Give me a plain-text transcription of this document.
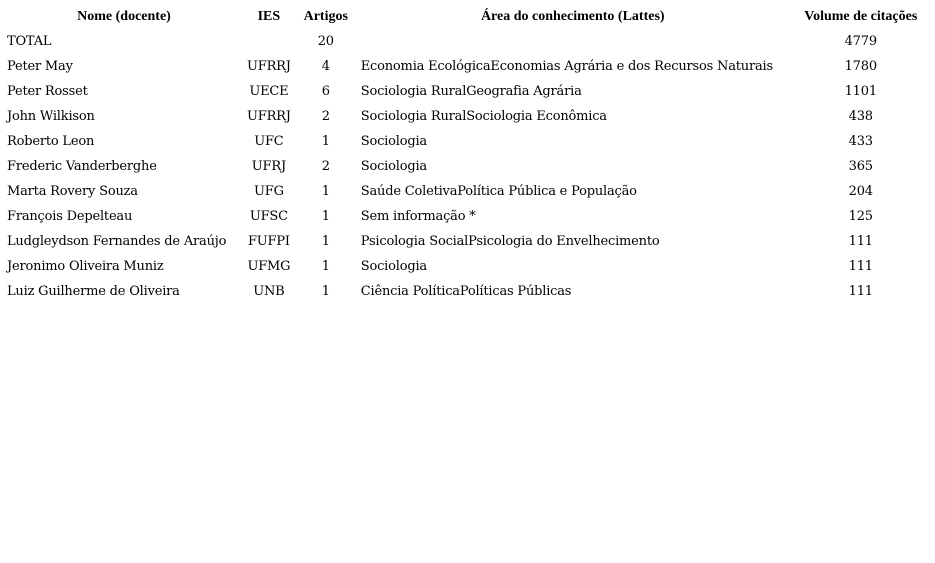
Nome (docente)	IES	Artigos	Área do conhecimento (Lattes)	Volume de citações
TOTAL		20		4779
Peter May	UFRRJ	4	Economia EcológicaEconomias Agrária e dos Recursos Naturais	1780
Peter Rosset	UECE	6	Sociologia RuralGeografia Agrária	1101
John Wilkison	UFRRJ	2	Sociologia RuralSociologia Econômica	438
Roberto Leon	UFC	1	Sociologia	433
Frederic Vanderberghe	UFRJ	2	Sociologia	365
Marta Rovery Souza	UFG	1	Saúde ColetivaPolítica Pública e População	204
François Depelteau	UFSC	1	Sem informação *	125
Ludgleydson Fernandes de Araújo	FUFPI	1	Psicologia SocialPsicologia do Envelhecimento	111
Jeronimo Oliveira Muniz	UFMG	1	Sociologia	111
Luiz Guilherme de Oliveira	UNB	1	Ciência PolíticaPolíticas Públicas	111
